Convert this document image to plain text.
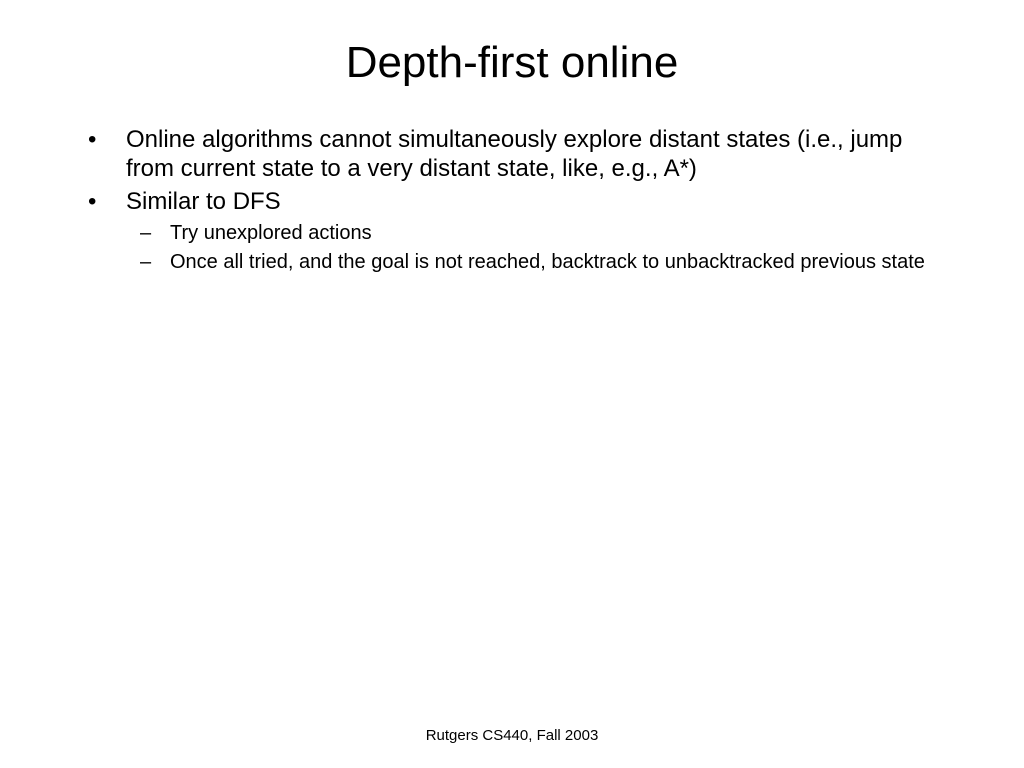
Depth-first online
• Online algorithms cannot simultaneously explore distant states (i.e., jump from current state to a very distant state, like, e.g., A*)
• Similar to DFS
– Try unexplored actions
– Once all tried, and the goal is not reached, backtrack to unbacktracked previous state
Rutgers CS440, Fall 2003
